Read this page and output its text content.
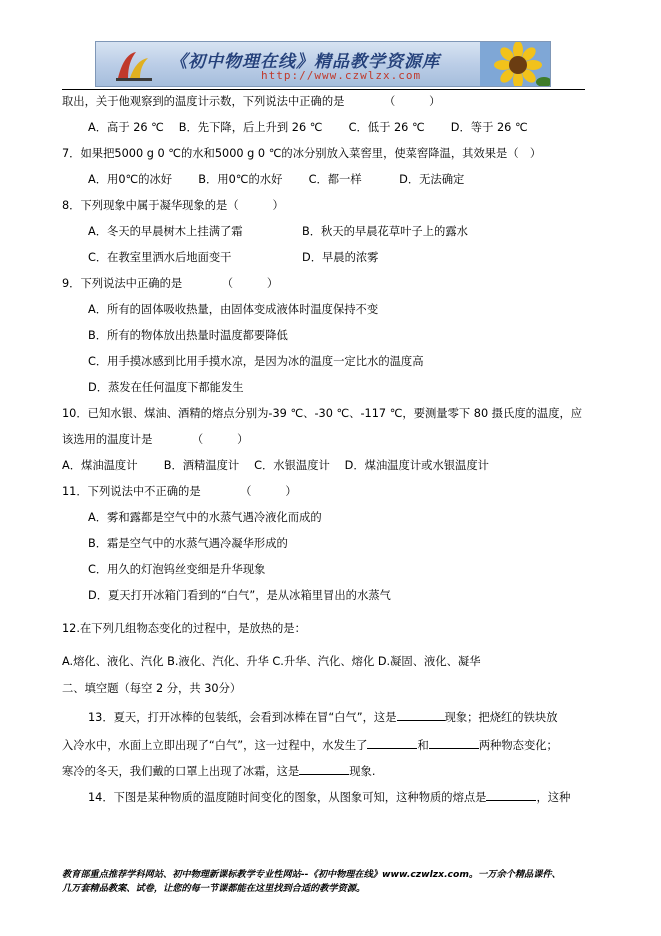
《初中物理在线》精品教学资源库
http://www.czwlzx.com
取出，关于他观察到的温度计示数，下列说法中正确的是　　　　（　　　）
A．高于 26 ℃　 B．先下降，后上升到 26 ℃　　 C．低于 26 ℃　　 D．等于 26 ℃
7．如果把5000 g 0 ℃的水和5000 g 0 ℃的冰分别放入菜窖里，使菜窖降温，其效果是（　）
A．用0℃的冰好　　 B．用0℃的水好　　 C．都一样　　　 D．无法确定
8．下列现象中属于凝华现象的是（　　　）
A．冬天的早晨树木上挂满了霜	B．秋天的早晨花草叶子上的露水
C．在教室里洒水后地面变干	D．早晨的浓雾
9．下列说法中正确的是　　　　（　　　）
A．所有的固体吸收热量，由固体变成液体时温度保持不变
B．所有的物体放出热量时温度都要降低
C．用手摸冰感到比用手摸水凉，是因为冰的温度一定比水的温度高
D．蒸发在任何温度下都能发生
10．已知水银、煤油、酒精的熔点分别为-39 ℃、-30 ℃、-117 ℃，要测量零下 80 摄氏度的温度，应
该选用的温度计是　　　　（　　　）
A．煤油温度计　　 B．酒精温度计　 C．水银温度计　 D．煤油温度计或水银温度计
11．下列说法中不正确的是　　　　（　　　）
A．雾和露都是空气中的水蒸气遇冷液化而成的
B．霜是空气中的水蒸气遇冷凝华形成的
C．用久的灯泡钨丝变细是升华现象
D．夏天打开冰箱门看到的“白气”，是从冰箱里冒出的水蒸气
12.在下列几组物态变化的过程中，是放热的是：
A.熔化、液化、汽化 B.液化、汽化、升华 C.升华、汽化、熔化 D.凝固、液化、凝华
二、填空题（每空 2 分，共 30分）
13．夏天，打开冰棒的包装纸，会看到冰棒在冒“白气”，这是	现象；把烧红的铁块放
入冷水中，水面上立即出现了“白气”，这一过程中，水发生了	和	两种物态变化；
寒冷的冬天，我们戴的口罩上出现了冰霜，这是	现象.
14．下图是某种物质的温度随时间变化的图象，从图象可知，这种物质的熔点是	，这种
教育部重点推荐学科网站、初中物理新课标教学专业性网站--《初中物理在线》www.czwlzx.com。一万余个精品课件、
几万套精品教案、试卷，让您的每一节课都能在这里找到合适的教学资源。
